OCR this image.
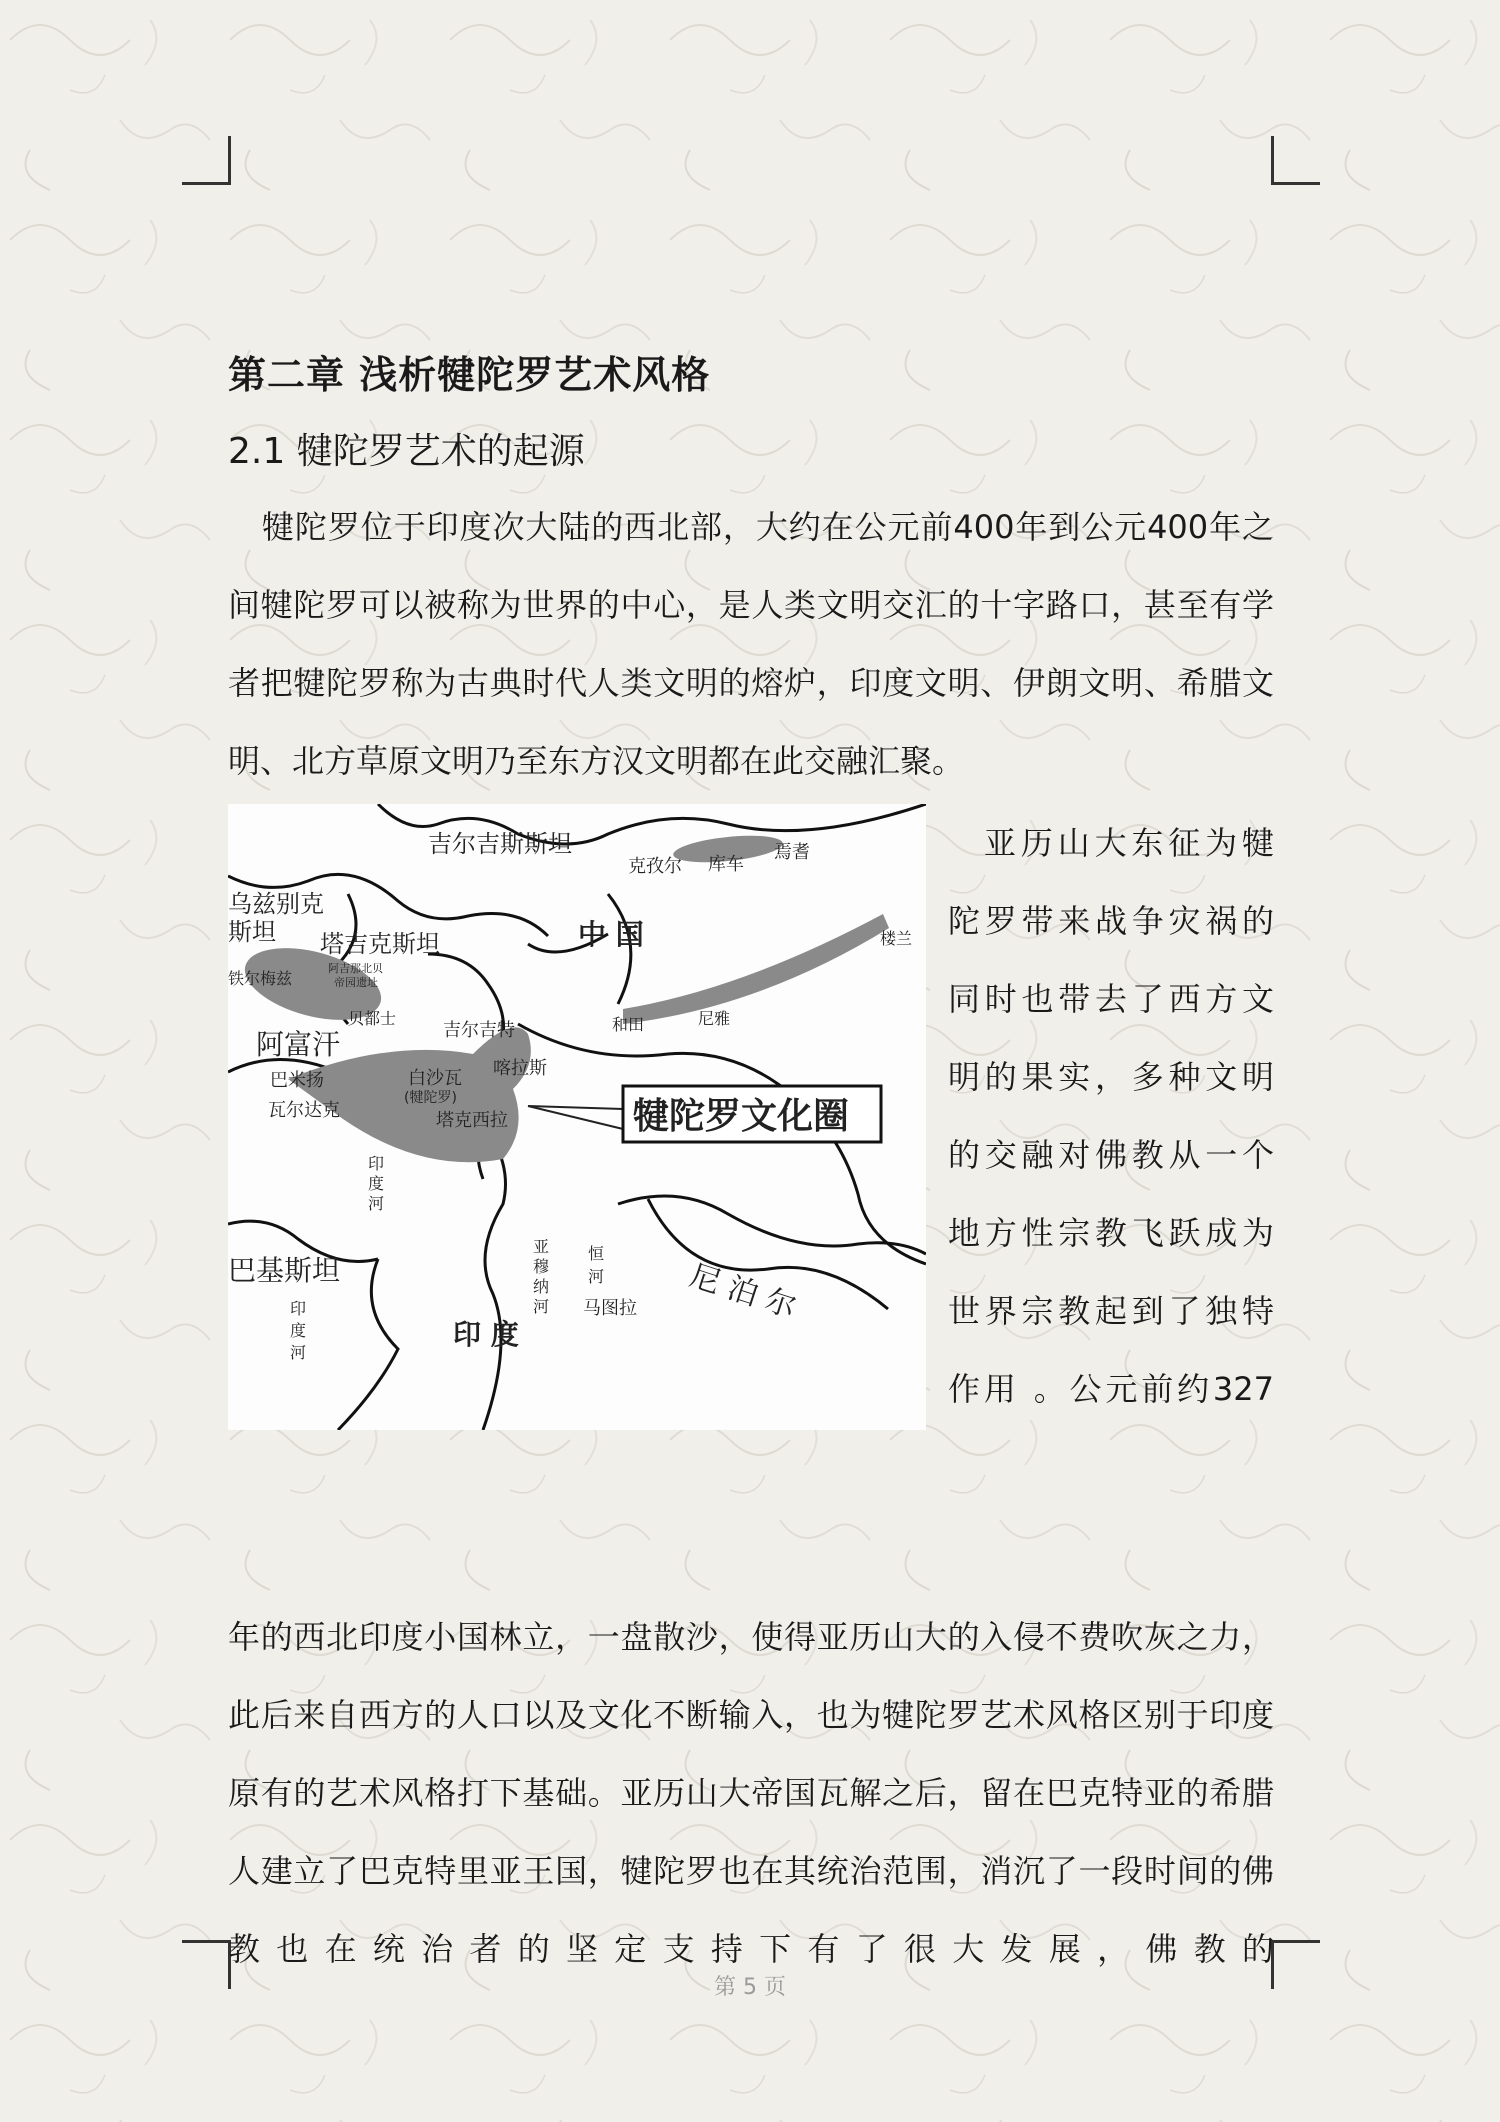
第二章 浅析犍陀罗艺术风格
2.1 犍陀罗艺术的起源

犍陀罗位于印度次大陆的西北部，大约在公元前400年到公元400年之间犍陀罗可以被称为世界的中心，是人类文明交汇的十字路口，甚至有学者把犍陀罗称为古典时代人类文明的熔炉，印度文明、伊朗文明、希腊文明、北方草原文明乃至东方汉文明都在此交融汇聚。

犍陀罗文化圈
吉尔吉斯斯坦
乌兹别克斯坦	塔吉克斯坦	中 国
克孜尔 库车
焉耆
楼兰
和田	尼雅
铁尔梅兹
阿吉那北贝
帝园遗址
贝都士
阿富汗
巴米扬
瓦尔达克
吉尔吉特
喀拉斯
白沙瓦
(犍陀罗)
塔克西拉
印度河
巴基斯坦
印度河
印 度
亚穆纳河
恒河
马图拉 尼 泊 尔

亚历山大东征为犍

陀罗带来战争灾祸的

同时也带去了西方文

明的果实，多种文明

的交融对佛教从一个

地方性宗教飞跃成为

世界宗教起到了独特

作用 。公元前约327

年的西北印度小国林立，一盘散沙，使得亚历山大的入侵不费吹灰之力，此后来自西方的人口以及文化不断输入，也为犍陀罗艺术风格区别于印度原有的艺术风格打下基础。亚历山大帝国瓦解之后，留在巴克特亚的希腊人建立了巴克特里亚王国，犍陀罗也在其统治范围，消沉了一段时间的佛教也在统治者的坚定支持下有了很大发展，佛教的

第 5 页
